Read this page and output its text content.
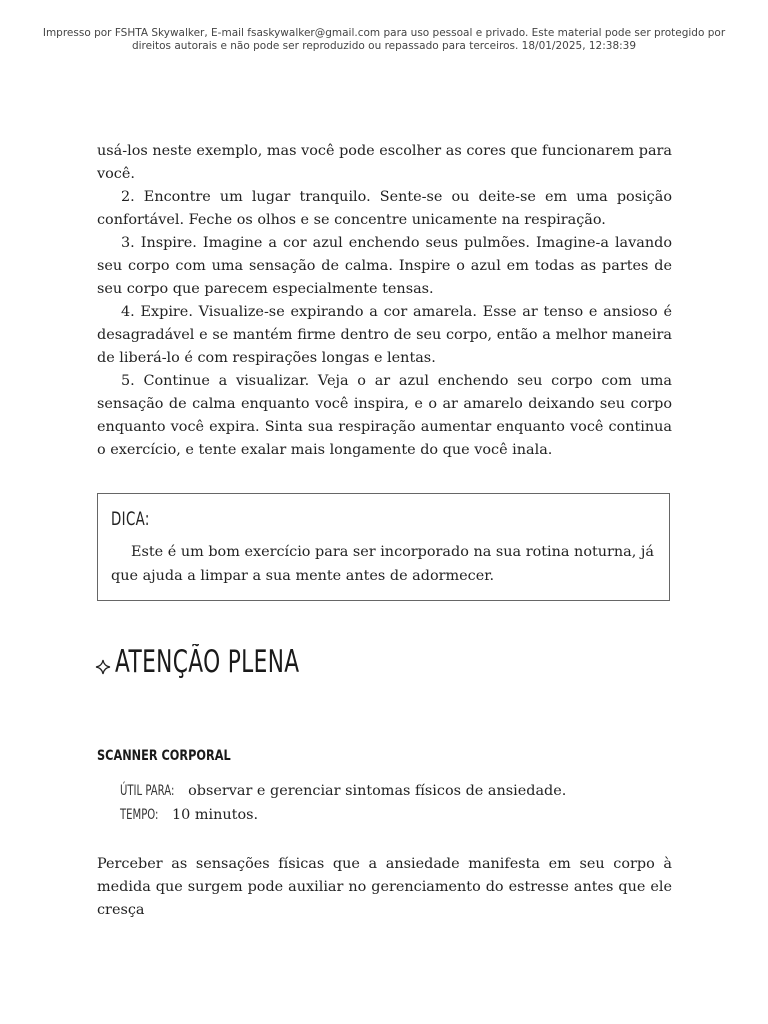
Impresso por FSHTA Skywalker, E-mail fsaskywalker@gmail.com para uso pessoal e privado. Este material pode ser protegido por
direitos autorais e não pode ser reproduzido ou repassado para terceiros. 18/01/2025, 12:38:39

usá-los neste exemplo, mas você pode escolher as cores que funcionarem para você.

2. Encontre um lugar tranquilo. Sente-se ou deite-se em uma posição confortável. Feche os olhos e se concentre unicamente na respiração.

3. Inspire. Imagine a cor azul enchendo seus pulmões. Imagine-a lavando seu corpo com uma sensação de calma. Inspire o azul em todas as partes de seu corpo que parecem especialmente tensas.

4. Expire. Visualize-se expirando a cor amarela. Esse ar tenso e ansioso é desagradável e se mantém firme dentro de seu corpo, então a melhor maneira de liberá-lo é com respirações longas e lentas.

5. Continue a visualizar. Veja o ar azul enchendo seu corpo com uma sensação de calma enquanto você inspira, e o ar amarelo deixando seu corpo enquanto você expira. Sinta sua respiração aumentar enquanto você continua o exercício, e tente exalar mais longamente do que você inala.

DICA:
Este é um bom exercício para ser incorporado na sua rotina noturna, já que ajuda a limpar a sua mente antes de adormecer.
ATENÇÃO PLENA
SCANNER CORPORAL
ÚTIL PARA: observar e gerenciar sintomas físicos de ansiedade.
TEMPO: 10 minutos.

Perceber as sensações físicas que a ansiedade manifesta em seu corpo à medida que surgem pode auxiliar no gerenciamento do estresse antes que ele cresça
